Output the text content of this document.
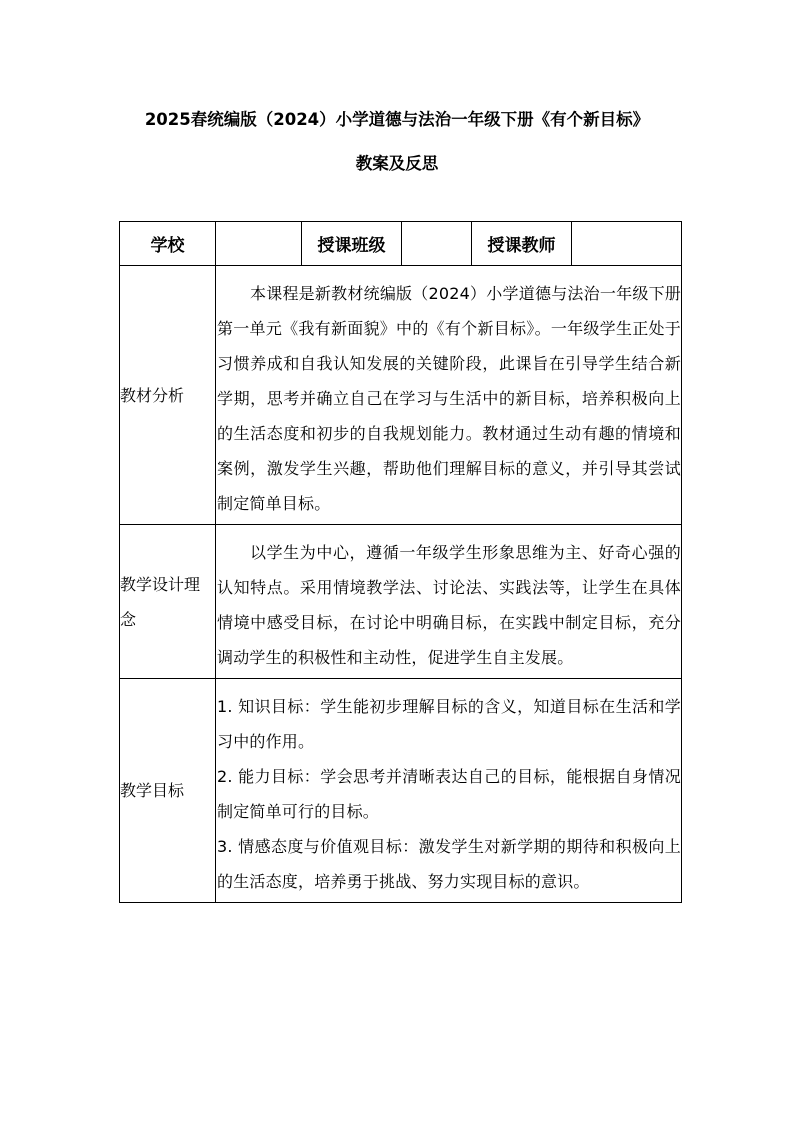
2025春统编版（2024）小学道德与法治一年级下册《有个新目标》
教案及反思
学校		授课班级		授课教师	
教材分析	本课程是新教材统编版（2024）小学道德与法治一年级下册第一单元《我有新面貌》中的《有个新目标》。一年级学生正处于习惯养成和自我认知发展的关键阶段，此课旨在引导学生结合新学期，思考并确立自己在学习与生活中的新目标，培养积极向上的生活态度和初步的自我规划能力。教材通过生动有趣的情境和案例，激发学生兴趣，帮助他们理解目标的意义，并引导其尝试制定简单目标。				

教学设计理念	以学生为中心，遵循一年级学生形象思维为主、好奇心强的认知特点。采用情境教学法、讨论法、实践法等，让学生在具体情境中感受目标，在讨论中明确目标，在实践中制定目标，充分调动学生的积极性和主动性，促进学生自主发展。				

教学目标	1. 知识目标：学生能初步理解目标的含义，知道目标在生活和学习中的作用。

2. 能力目标：学会思考并清晰表达自己的目标，能根据自身情况制定简单可行的目标。

3. 情感态度与价值观目标：激发学生对新学期的期待和积极向上的生活态度，培养勇于挑战、努力实现目标的意识。				
